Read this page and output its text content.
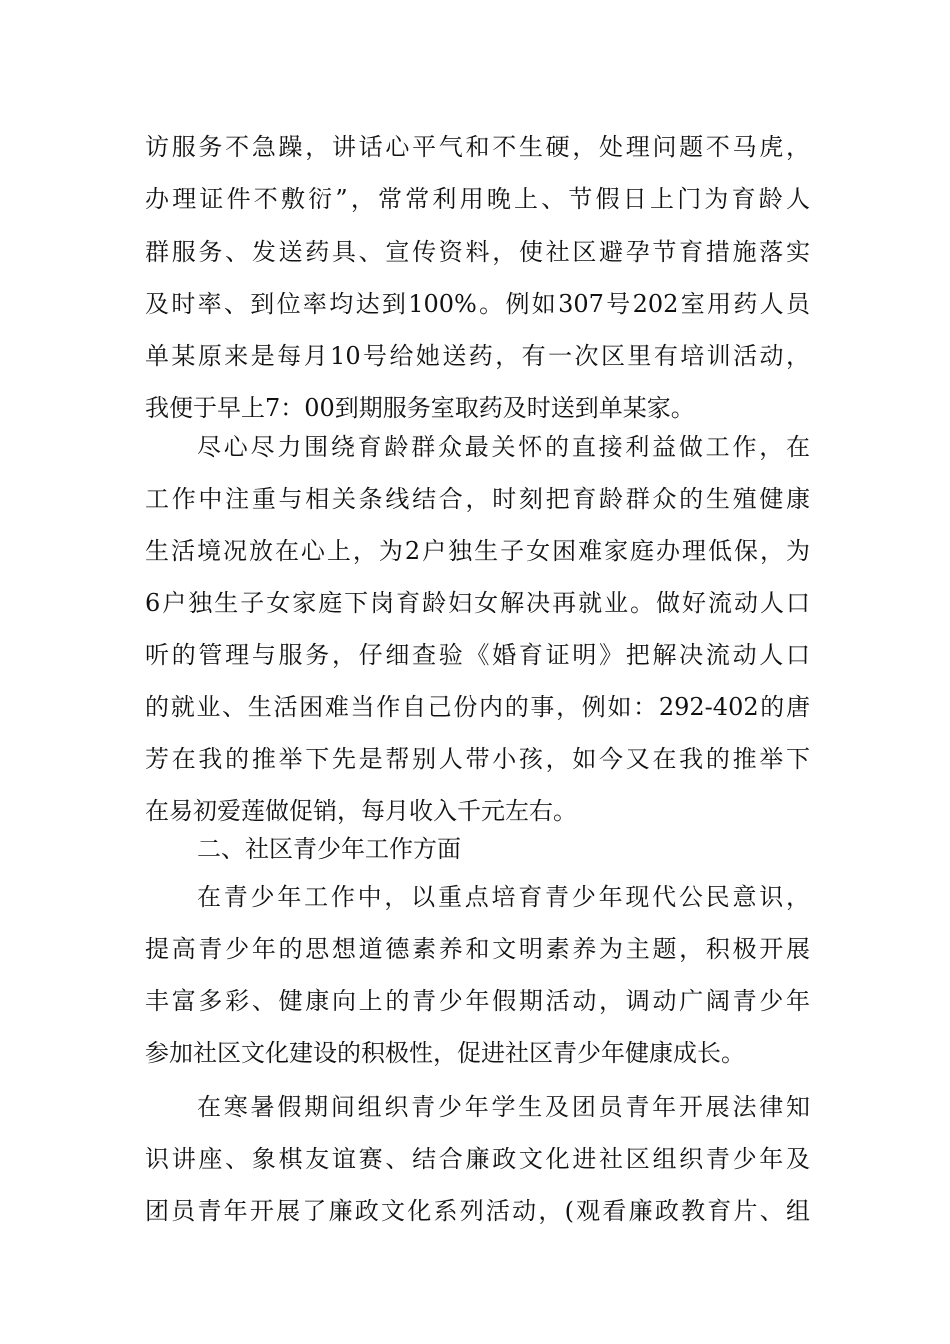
访服务不急躁，讲话心平气和不生硬，处理问题不马虎，
办理证件不敷衍”，常常利用晚上、节假日上门为育龄人
群服务、发送药具、宣传资料，使社区避孕节育措施落实
及时率、到位率均达到100%。例如307号202室用药人员
单某原来是每月10号给她送药，有一次区里有培训活动，
我便于早上7：00到期服务室取药及时送到单某家。
尽心尽力围绕育龄群众最关怀的直接利益做工作，在
工作中注重与相关条线结合，时刻把育龄群众的生殖健康
生活境况放在心上，为2户独生子女困难家庭办理低保，为
6户独生子女家庭下岗育龄妇女解决再就业。做好流动人口
听的管理与服务，仔细查验《婚育证明》把解决流动人口
的就业、生活困难当作自己份内的事，例如：292-402的唐
芳在我的推举下先是帮别人带小孩，如今又在我的推举下
在易初爱莲做促销，每月收入千元左右。
二、社区青少年工作方面
在青少年工作中，以重点培育青少年现代公民意识，
提高青少年的思想道德素养和文明素养为主题，积极开展
丰富多彩、健康向上的青少年假期活动，调动广阔青少年
参加社区文化建设的积极性，促进社区青少年健康成长。
在寒暑假期间组织青少年学生及团员青年开展法律知
识讲座、象棋友谊赛、结合廉政文化进社区组织青少年及
团员青年开展了廉政文化系列活动，(观看廉政教育片、组
